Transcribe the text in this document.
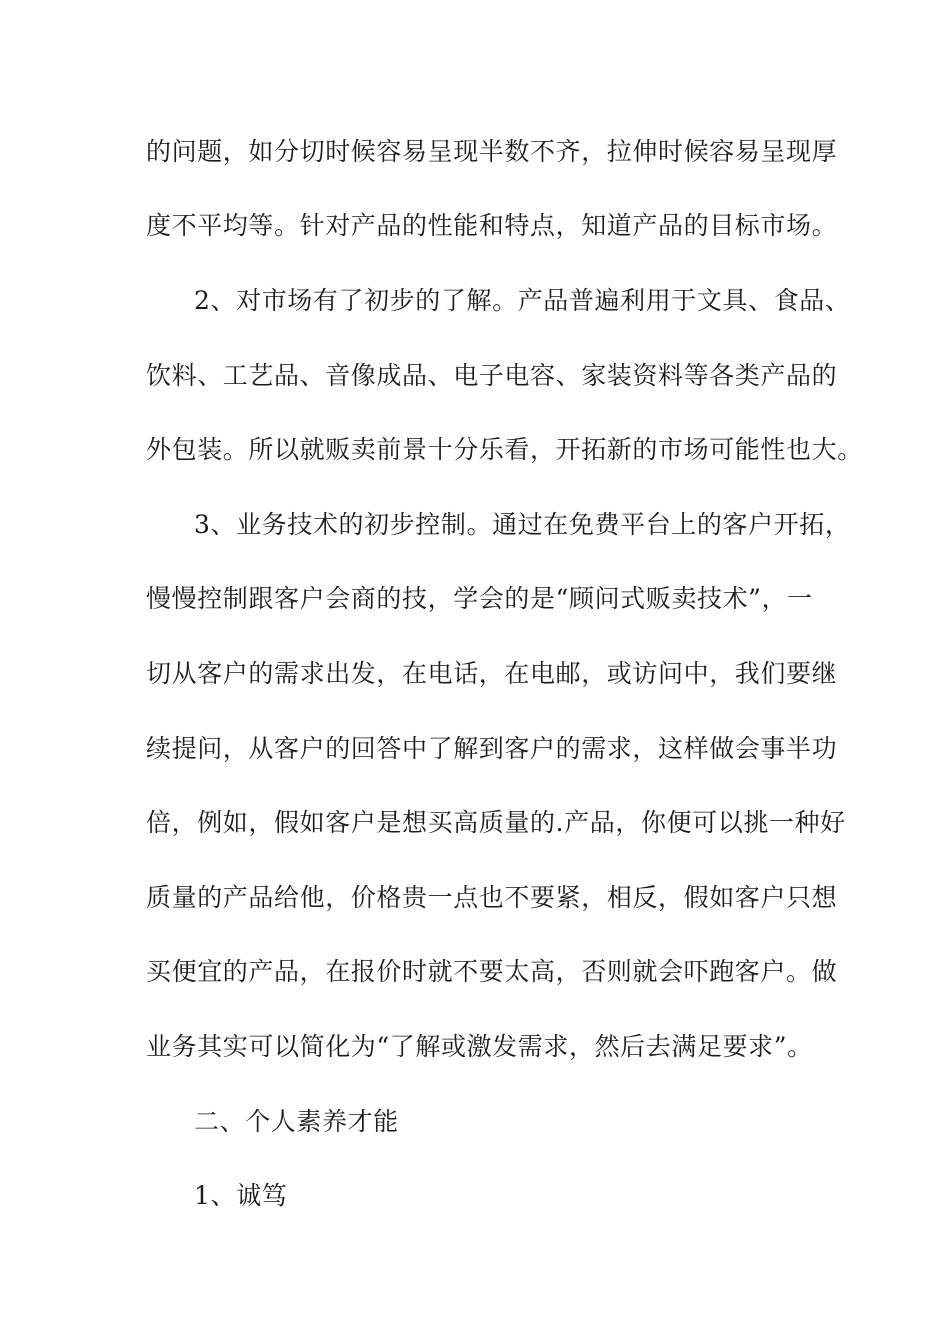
的问题，如分切时候容易呈现半数不齐，拉伸时候容易呈现厚
度不平均等。针对产品的性能和特点，知道产品的目标市场。
2、对市场有了初步的了解。产品普遍利用于文具、食品、
饮料、工艺品、音像成品、电子电容、家装资料等各类产品的
外包装。所以就贩卖前景十分乐看，开拓新的市场可能性也大。
3、业务技术的初步控制。通过在免费平台上的客户开拓，
慢慢控制跟客户会商的技，学会的是“顾问式贩卖技术”，一
切从客户的需求出发，在电话，在电邮，或访问中，我们要继
续提问，从客户的回答中了解到客户的需求，这样做会事半功
倍，例如，假如客户是想买高质量的.产品，你便可以挑一种好
质量的产品给他，价格贵一点也不要紧，相反，假如客户只想
买便宜的产品，在报价时就不要太高，否则就会吓跑客户。做
业务其实可以简化为“了解或激发需求，然后去满足要求”。
二、个人素养才能
1、诚笃
